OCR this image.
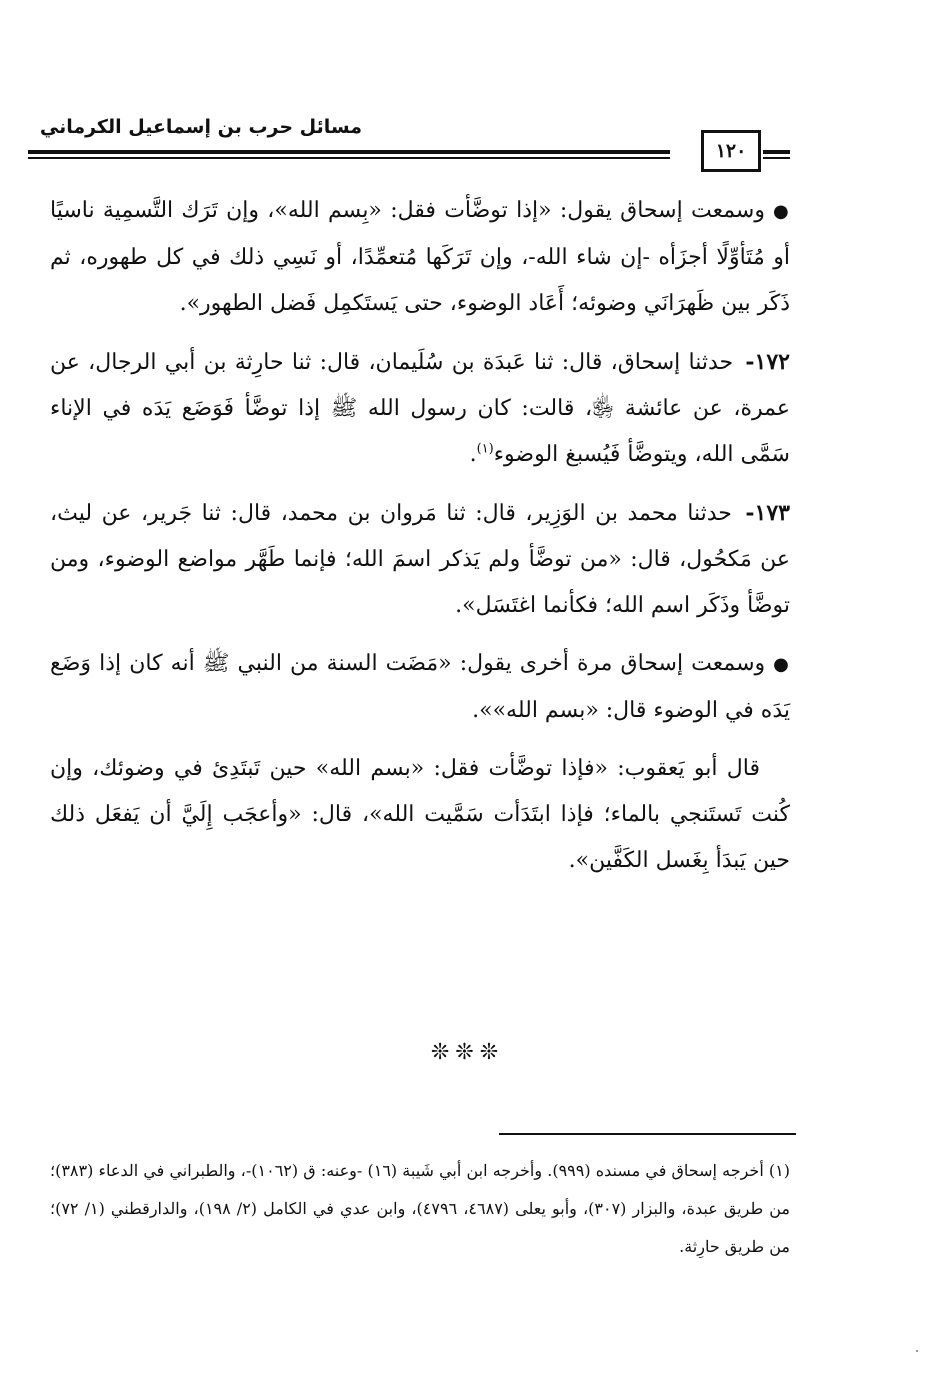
مسائل حرب بن إسماعيل الكرماني
١٢٠

●وسمعت إسحاق يقول: «إذا توضَّأت فقل: «بِسم الله»، وإن تَرَك التَّسمِية ناسيًا أو مُتَأوِّلًا أجزَأه -إن شاء الله-، وإن تَرَكَها مُتعمِّدًا، أو نَسِي ذلك في كل طهوره، ثم ذَكَر بين ظَهرَانَي وضوئه؛ أَعَاد الوضوء، حتى يَستَكمِل فَضل الطهور».

١٧٢- حدثنا إسحاق، قال: ثنا عَبدَة بن سُلَيمان، قال: ثنا حارِثة بن أبي الرجال، عن عمرة، عن عائشة ﵂، قالت: كان رسول الله ﷺ إذا توضَّأ فَوَضَع يَدَه في الإناء سَمَّى الله، ويتوضَّأ فَيُسبغ الوضوء$^{(١)}$.

١٧٣- حدثنا محمد بن الوَزِير، قال: ثنا مَروان بن محمد، قال: ثنا جَرير، عن ليث، عن مَكحُول، قال: «من توضَّأ ولم يَذكر اسمَ الله؛ فإنما طَهَّر مواضع الوضوء، ومن توضَّأ وذَكَر اسم الله؛ فكأنما اغتَسَل».

●وسمعت إسحاق مرة أخرى يقول: «مَضَت السنة من النبي ﷺ أنه كان إذا وَضَع يَدَه في الوضوء قال: «بسم الله»».

قال أبو يَعقوب: «فإذا توضَّأت فقل: «بسم الله» حين تَبتَدِئ في وضوئك، وإن كُنت تَستَنجي بالماء؛ فإذا ابتَدَأت سَمَّيت الله»، قال: «وأعجَب إِلَيَّ أن يَفعَل ذلك حين يَبدَأ بِغَسل الكَفَّين».

❊❊❊

(١) أخرجه إسحاق في مسنده (٩٩٩). وأخرجه ابن أبي شَيبة (١٦) -وعنه: ق (١٠٦٢)-، والطبراني في الدعاء (٣٨٣)؛ من طريق عبدة، والبزار (٣٠٧)، وأبو يعلى (٤٦٨٧، ٤٧٩٦)، وابن عدي في الكامل (٢/ ١٩٨)، والدارقطني (١/ ٧٢)؛ من طريق حارِثة.
